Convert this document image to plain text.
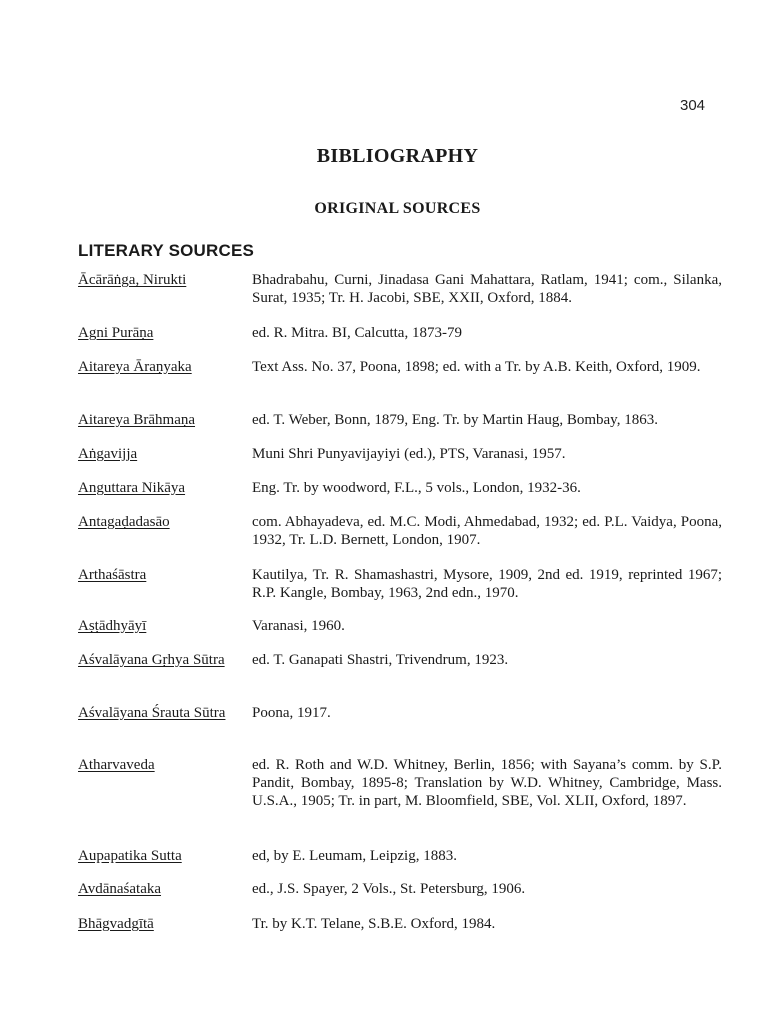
304
BIBLIOGRAPHY
ORIGINAL SOURCES
LITERARY SOURCES
Ācārāṅga, Nirukti	Bhadrabahu, Curni, Jinadasa Gani Mahattara, Ratlam, 1941; com., Silanka, Surat, 1935; Tr. H. Jacobi, SBE, XXII, Oxford, 1884.
Agni Purāṇa	ed. R. Mitra. BI, Calcutta, 1873-79
Aitareya Āraṇyaka	Text Ass. No. 37, Poona, 1898; ed. with a Tr. by A.B. Keith, Oxford, 1909.
Aitareya Brāhmaṇa	ed. T. Weber, Bonn, 1879, Eng. Tr. by Martin Haug, Bombay, 1863.
Aṅgavijja	Muni Shri Punyavijayiyi (ed.), PTS, Varanasi, 1957.
Anguttara Nikāya	Eng. Tr. by woodword, F.L., 5 vols., London, 1932-36.
Antagaḍadasāo	com. Abhayadeva, ed. M.C. Modi, Ahmedabad, 1932; ed. P.L. Vaidya, Poona, 1932, Tr. L.D. Bernett, London, 1907.
Arthaśāstra	Kautilya, Tr. R. Shamashastri, Mysore, 1909, 2nd ed. 1919, reprinted 1967; R.P. Kangle, Bombay, 1963, 2nd edn., 1970.
Aṣṭādhyāyī	Varanasi, 1960.
Aśvalāyana Gṛhya Sūtra	ed. T. Ganapati Shastri, Trivendrum, 1923.
Aśvalāyana Śrauta Sūtra	Poona, 1917.
Atharvaveda	ed. R. Roth and W.D. Whitney, Berlin, 1856; with Sayana’s comm. by S.P. Pandit, Bombay, 1895-8; Translation by W.D. Whitney, Cambridge, Mass. U.S.A., 1905; Tr. in part, M. Bloomfield, SBE, Vol. XLII, Oxford, 1897.
Aupapatika Sutta	ed, by E. Leumam, Leipzig, 1883.
Avdānaśataka	ed., J.S. Spayer, 2 Vols., St. Petersburg, 1906.
Bhāgvadgītā	Tr. by K.T. Telane, S.B.E. Oxford, 1984.
